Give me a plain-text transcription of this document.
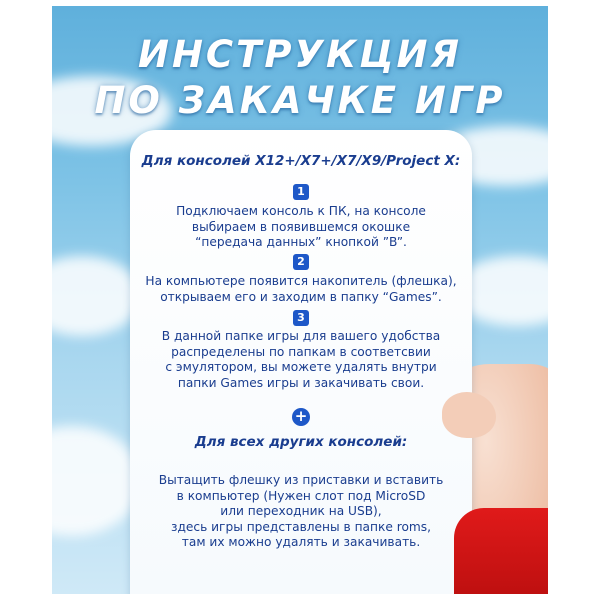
ИНСТРУКЦИЯ
ПО ЗАКАЧКЕ ИГР
Для консолей X12+/X7+/X7/X9/Project X:
1
Подключаем консоль к ПК, на консоле
выбираем в появившемся окошке
“передача данных” кнопкой ”B”.
2
На компьютере появится накопитель (флешка),
открываем его и заходим в папку “Games”.
3
В данной папке игры для вашего удобства
распределены по папкам в соответсвии
с эмулятором, вы можете удалять внутри
папки Games игры и закачивать свои.
+
Для всех других консолей:
Вытащить флешку из приставки и вставить
в компьютер (Нужен слот под MicroSD
или переходник на USB),
здесь игры представлены в папке roms,
там их можно удалять и закачивать.
